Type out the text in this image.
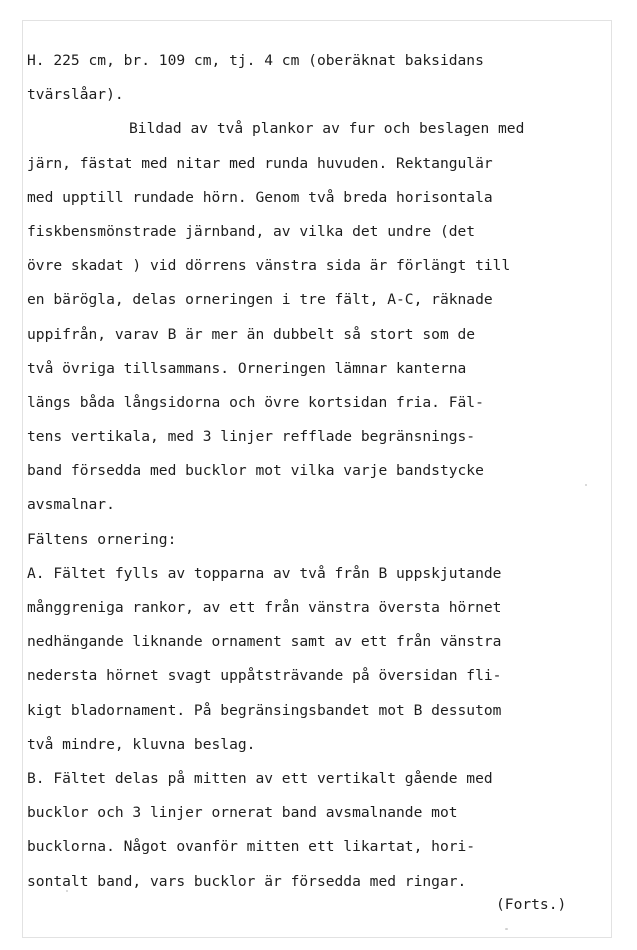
H. 225 cm, br. 109 cm, tj. 4 cm (oberäknat baksidans
tvärslåar).
Bildad av två plankor av fur och beslagen med
järn, fästat med nitar med runda huvuden. Rektangulär
med upptill rundade hörn. Genom två breda horisontala
fiskbensmönstrade järnband, av vilka det undre (det
övre skadat ) vid dörrens vänstra sida är förlängt till
en bärögla, delas orneringen i tre fält, A-C, räknade
uppifrån, varav B är mer än dubbelt så stort som de
två övriga tillsammans. Orneringen lämnar kanterna
längs båda långsidorna och övre kortsidan fria. Fäl-
tens vertikala, med 3 linjer refflade begränsnings-
band försedda med bucklor mot vilka varje bandstycke
avsmalnar.
Fältens ornering:
A. Fältet fylls av topparna av två från B uppskjutande
månggreniga rankor, av ett från vänstra översta hörnet
nedhängande liknande ornament samt av ett från vänstra
nedersta hörnet svagt uppåtsträvande på översidan fli-
kigt bladornament. På begränsingsbandet mot B dessutom
två mindre, kluvna beslag.
B. Fältet delas på mitten av ett vertikalt gående med
bucklor och 3 linjer ornerat band avsmalnande mot
bucklorna. Något ovanför mitten ett likartat, hori-
sontalt band, vars bucklor är försedda med ringar.
(Forts.)
